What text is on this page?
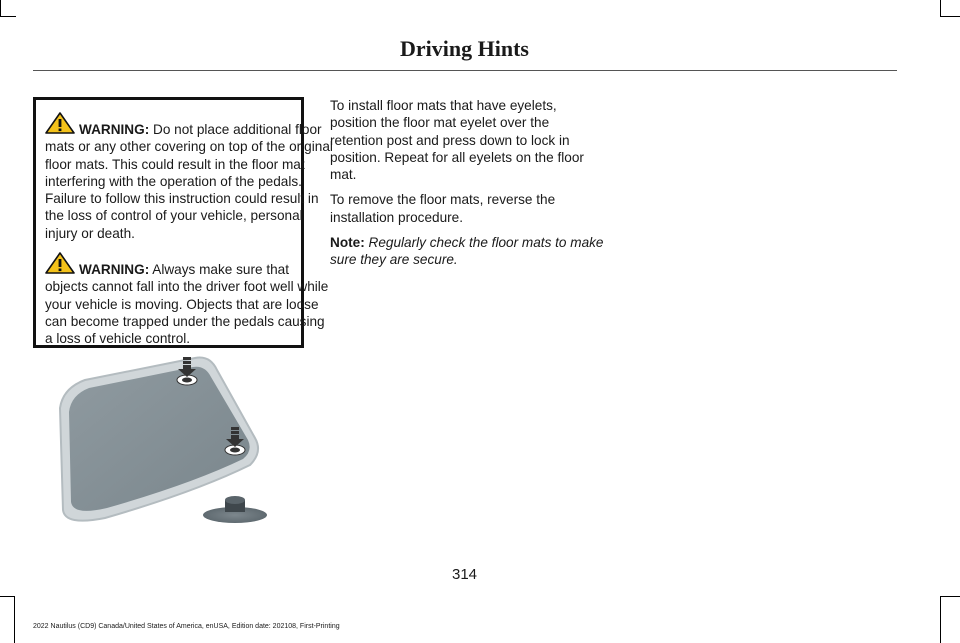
Driving Hints
WARNING: Do not place additional floor mats or any other covering on top of the original floor mats. This could result in the floor mat interfering with the operation of the pedals. Failure to follow this instruction could result in the loss of control of your vehicle, personal injury or death.
WARNING: Always make sure that objects cannot fall into the driver foot well while your vehicle is moving. Objects that are loose can become trapped under the pedals causing a loss of vehicle control.

To install floor mats that have eyelets, position the floor mat eyelet over the retention post and press down to lock in position. Repeat for all eyelets on the floor mat.

To remove the floor mats, reverse the installation procedure.

Note: Regularly check the floor mats to make sure they are secure.

314
2022 Nautilus (CD9) Canada/United States of America, enUSA, Edition date: 202108, First-Printing
